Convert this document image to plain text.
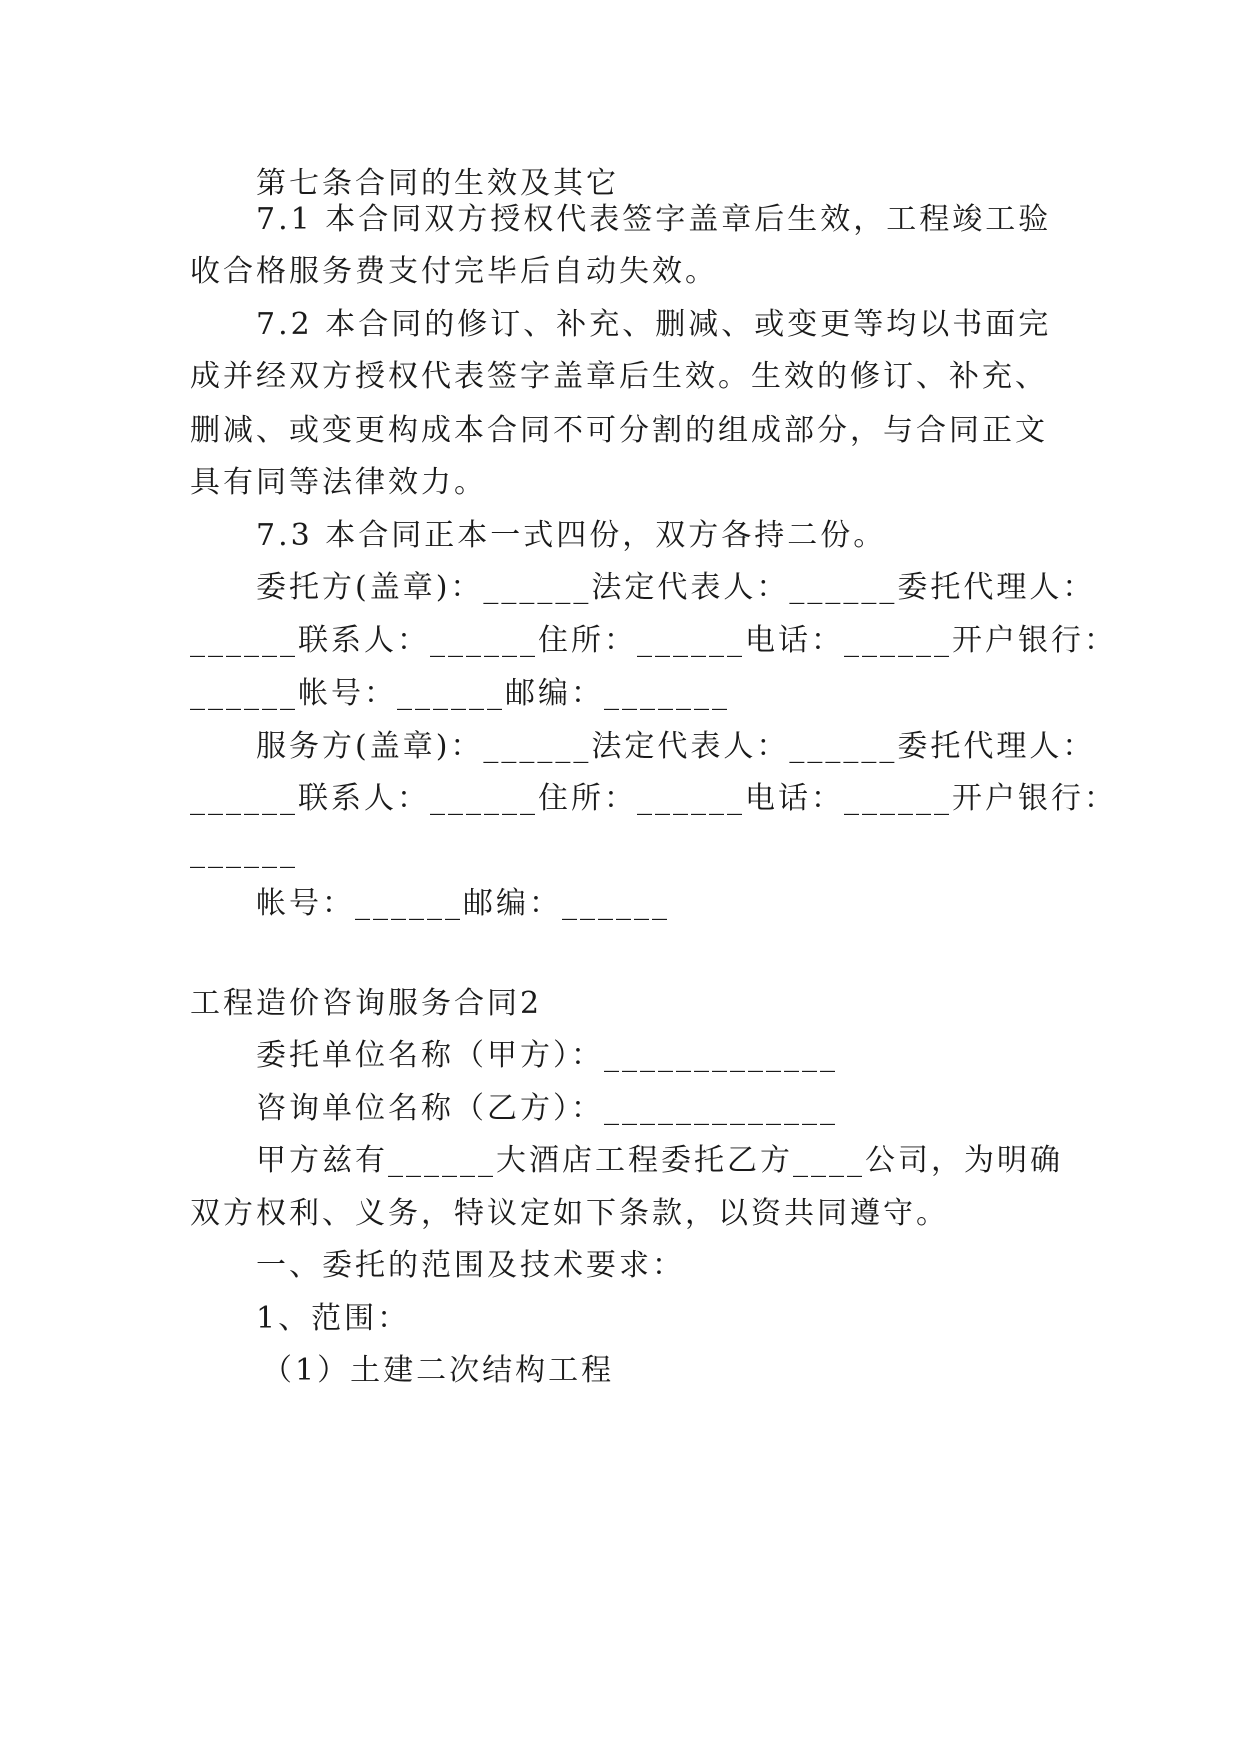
第七条合同的生效及其它
7.1 本合同双方授权代表签字盖章后生效，工程竣工验
收合格服务费支付完毕后自动失效。
7.2 本合同的修订、补充、删减、或变更等均以书面完
成并经双方授权代表签字盖章后生效。生效的修订、补充、
删减、或变更构成本合同不可分割的组成部分，与合同正文
具有同等法律效力。
7.3 本合同正本一式四份，双方各持二份。
委托方(盖章)：______法定代表人：______委托代理人：
______联系人：______住所：______电话：______开户银行：
______帐号：______邮编：_______
服务方(盖章)：______法定代表人：______委托代理人：
______联系人：______住所：______电话：______开户银行：
______
帐号：______邮编：______
工程造价咨询服务合同2
委托单位名称（甲方）：_____________
咨询单位名称（乙方）：_____________
甲方兹有______大酒店工程委托乙方____公司，为明确
双方权利、义务，特议定如下条款，以资共同遵守。
一、委托的范围及技术要求：
1、范围：
（1）土建二次结构工程
